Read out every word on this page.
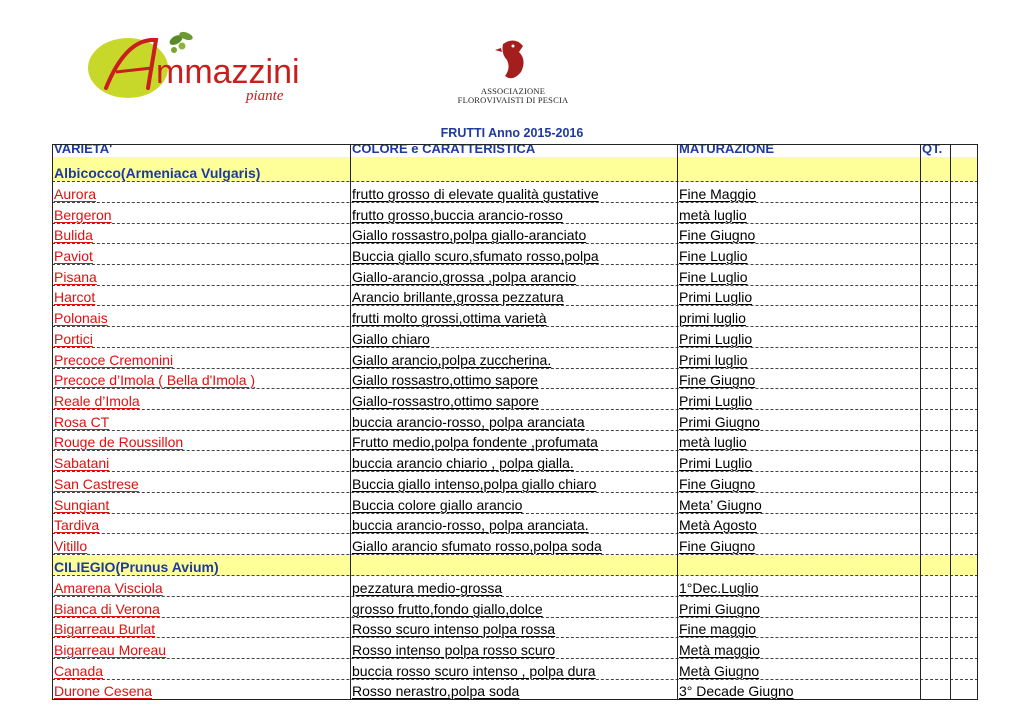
mmazzini
piante	ASSOCIAZIONE
FLOROVIVAISTI DI PESCIA
FRUTTI Anno 2015-2016
VARIETA'	COLORE e CARATTERISTICA	MATURAZIONE	QT.
Albicocco(Armeniaca Vulgaris)
Aurora	frutto grosso di elevate qualità gustative	Fine Maggio
Bergeron	frutto grosso,buccia arancio-rosso	metà luglio
Bulida	Giallo rossastro,polpa giallo-aranciato	Fine Giugno
Paviot	Buccia giallo scuro,sfumato rosso,polpa	Fine Luglio
Pisana	Giallo-arancio,grossa ,polpa arancio	Fine Luglio
Harcot	Arancio brillante,grossa pezzatura	Primi Luglio
Polonais	frutti molto grossi,ottima varietà	primi luglio
Portici	Giallo chiaro	Primi Luglio
Precoce Cremonini	Giallo arancio,polpa zuccherina.	Primi luglio
Precoce d’Imola ( Bella d'Imola )	Giallo rossastro,ottimo sapore	Fine Giugno
Reale d’Imola	Giallo-rossastro,ottimo sapore	Primi Luglio
Rosa CT	buccia arancio-rosso, polpa aranciata	Primi Giugno
Rouge de Roussillon	Frutto medio,polpa fondente ,profumata	metà luglio
Sabatani	buccia arancio chiario , polpa gialla.	Primi Luglio
San Castrese	Buccia giallo intenso,polpa giallo chiaro	Fine Giugno
Sungiant	Buccia colore giallo arancio	Meta’ Giugno
Tardiva	buccia arancio-rosso, polpa aranciata.	Metà Agosto
Vitillo	Giallo arancio sfumato rosso,polpa soda	Fine Giugno
CILIEGIO(Prunus Avium)
Amarena Visciola	pezzatura medio-grossa	1°Dec.Luglio
Bianca di Verona	grosso frutto,fondo giallo,dolce	Primi Giugno
Bigarreau Burlat	Rosso scuro intenso polpa rossa	Fine maggio
Bigarreau Moreau	Rosso intenso polpa rosso scuro	Metà maggio
Canada	buccia rosso scuro intenso , polpa dura	Metà Giugno
Durone Cesena	Rosso nerastro,polpa soda	3° Decade Giugno
